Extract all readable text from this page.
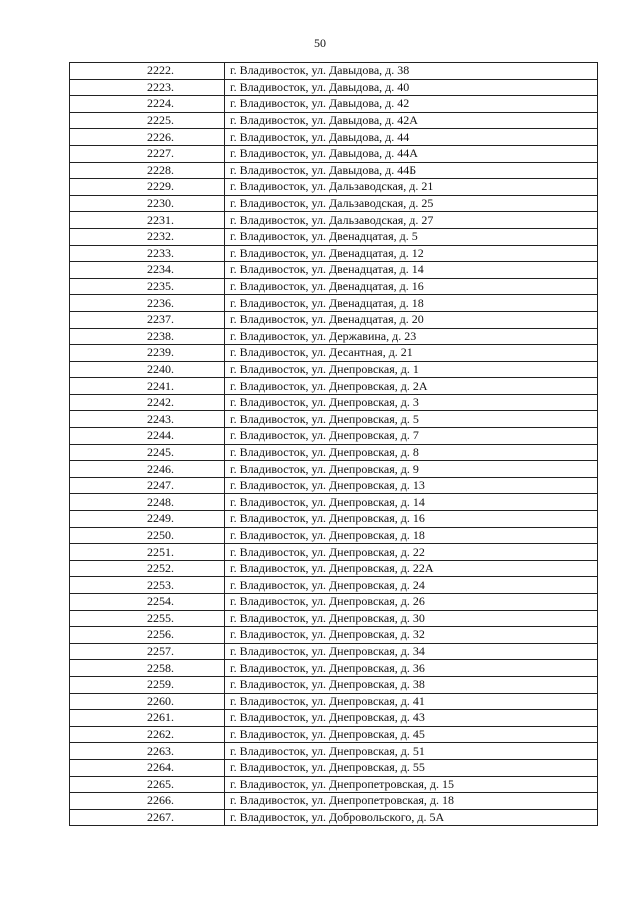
50
2222.	г. Владивосток, ул. Давыдова, д. 38
2223.	г. Владивосток, ул. Давыдова, д. 40
2224.	г. Владивосток, ул. Давыдова, д. 42
2225.	г. Владивосток, ул. Давыдова, д. 42А
2226.	г. Владивосток, ул. Давыдова, д. 44
2227.	г. Владивосток, ул. Давыдова, д. 44А
2228.	г. Владивосток, ул. Давыдова, д. 44Б
2229.	г. Владивосток, ул. Дальзаводская, д. 21
2230.	г. Владивосток, ул. Дальзаводская, д. 25
2231.	г. Владивосток, ул. Дальзаводская, д. 27
2232.	г. Владивосток, ул. Двенадцатая, д. 5
2233.	г. Владивосток, ул. Двенадцатая, д. 12
2234.	г. Владивосток, ул. Двенадцатая, д. 14
2235.	г. Владивосток, ул. Двенадцатая, д. 16
2236.	г. Владивосток, ул. Двенадцатая, д. 18
2237.	г. Владивосток, ул. Двенадцатая, д. 20
2238.	г. Владивосток, ул. Державина, д. 23
2239.	г. Владивосток, ул. Десантная, д. 21
2240.	г. Владивосток, ул. Днепровская, д. 1
2241.	г. Владивосток, ул. Днепровская, д. 2А
2242.	г. Владивосток, ул. Днепровская, д. 3
2243.	г. Владивосток, ул. Днепровская, д. 5
2244.	г. Владивосток, ул. Днепровская, д. 7
2245.	г. Владивосток, ул. Днепровская, д. 8
2246.	г. Владивосток, ул. Днепровская, д. 9
2247.	г. Владивосток, ул. Днепровская, д. 13
2248.	г. Владивосток, ул. Днепровская, д. 14
2249.	г. Владивосток, ул. Днепровская, д. 16
2250.	г. Владивосток, ул. Днепровская, д. 18
2251.	г. Владивосток, ул. Днепровская, д. 22
2252.	г. Владивосток, ул. Днепровская, д. 22А
2253.	г. Владивосток, ул. Днепровская, д. 24
2254.	г. Владивосток, ул. Днепровская, д. 26
2255.	г. Владивосток, ул. Днепровская, д. 30
2256.	г. Владивосток, ул. Днепровская, д. 32
2257.	г. Владивосток, ул. Днепровская, д. 34
2258.	г. Владивосток, ул. Днепровская, д. 36
2259.	г. Владивосток, ул. Днепровская, д. 38
2260.	г. Владивосток, ул. Днепровская, д. 41
2261.	г. Владивосток, ул. Днепровская, д. 43
2262.	г. Владивосток, ул. Днепровская, д. 45
2263.	г. Владивосток, ул. Днепровская, д. 51
2264.	г. Владивосток, ул. Днепровская, д. 55
2265.	г. Владивосток, ул. Днепропетровская, д. 15
2266.	г. Владивосток, ул. Днепропетровская, д. 18
2267.	г. Владивосток, ул. Добровольского, д. 5А
